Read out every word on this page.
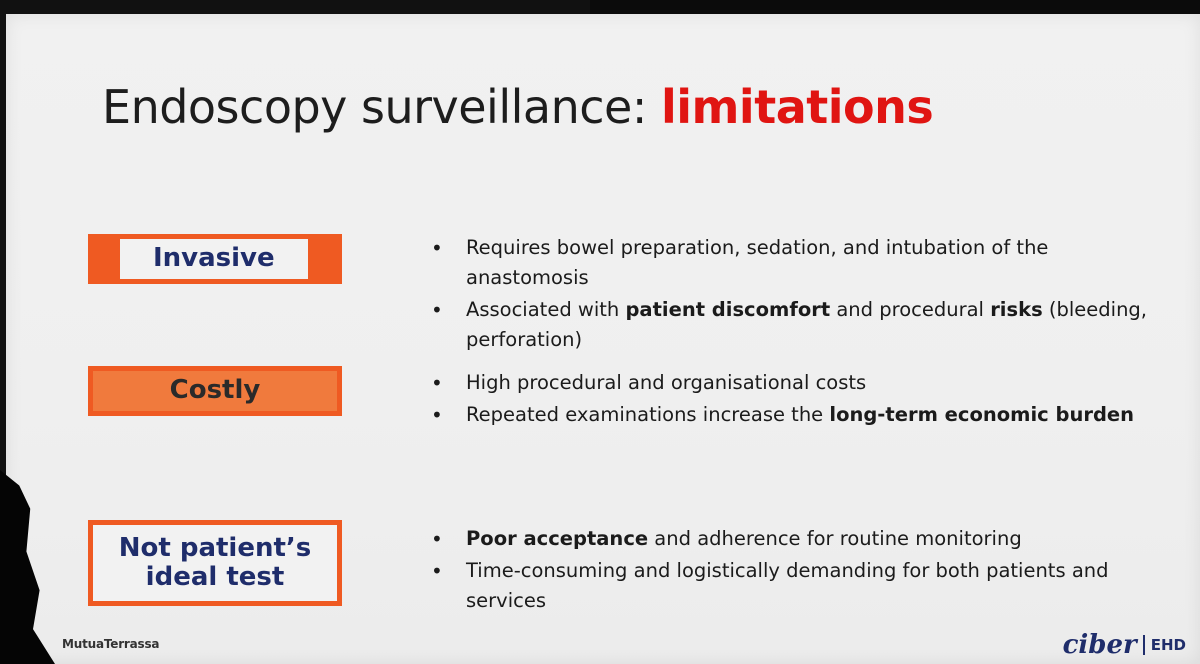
Endoscopy surveillance: limitations
Invasive	• Requires bowel preparation, sedation, and intubation of the anastomosis
• Associated with patient discomfort and procedural risks (bleeding, perforation)
Costly	• High procedural and organisational costs
• Repeated examinations increase the long-term economic burden
Not patient’s ideal test
• Poor acceptance and adherence for routine monitoring
• Time-consuming and logistically demanding for both patients and services
MutuaTerrassa	ciber EHD
